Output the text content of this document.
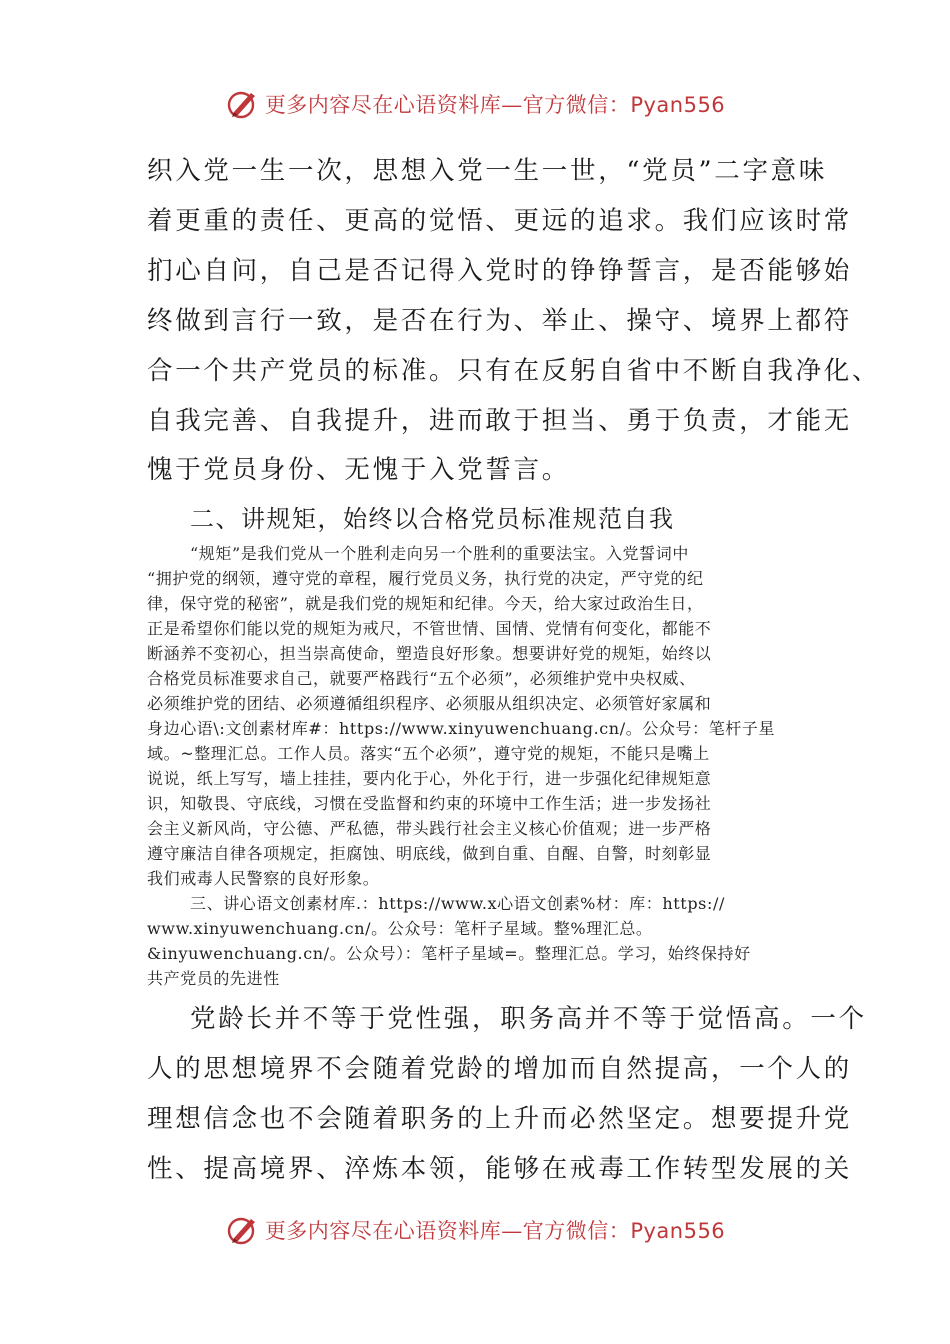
更多内容尽在心语资料库—官方微信：Pyan556

织入党一生一次，思想入党一生一世，“党员”二字意味

着更重的责任、更高的觉悟、更远的追求。我们应该时常

扪心自问，自己是否记得入党时的铮铮誓言，是否能够始

终做到言行一致，是否在行为、举止、操守、境界上都符

合一个共产党员的标准。只有在反躬自省中不断自我净化、

自我完善、自我提升，进而敢于担当、勇于负责，才能无

愧于党员身份、无愧于入党誓言。

二、讲规矩，始终以合格党员标准规范自我

“规矩”是我们党从一个胜利走向另一个胜利的重要法宝。入党誓词中

“拥护党的纲领，遵守党的章程，履行党员义务，执行党的决定，严守党的纪

律，保守党的秘密”，就是我们党的规矩和纪律。今天，给大家过政治生日，

正是希望你们能以党的规矩为戒尺，不管世情、国情、党情有何变化，都能不

断涵养不变初心，担当崇高使命，塑造良好形象。想要讲好党的规矩，始终以

合格党员标准要求自己，就要严格践行“五个必须”，必须维护党中央权威、

必须维护党的团结、必须遵循组织程序、必须服从组织决定、必须管好家属和

身边心语\:文创素材库#：https://www.xinyuwenchuang.cn/。公众号：笔杆子星

域。~整理汇总。工作人员。落实“五个必须”，遵守党的规矩，不能只是嘴上

说说，纸上写写，墙上挂挂，要内化于心，外化于行，进一步强化纪律规矩意

识，知敬畏、守底线，习惯在受监督和约束的环境中工作生活；进一步发扬社

会主义新风尚，守公德、严私德，带头践行社会主义核心价值观；进一步严格

遵守廉洁自律各项规定，拒腐蚀、明底线，做到自重、自醒、自警，时刻彰显

我们戒毒人民警察的良好形象。

三、讲心语文创素材库.：https://www.x心语文创素%材：库：https://

www.xinyuwenchuang.cn/。公众号：笔杆子星域。整%理汇总。

&inyuwenchuang.cn/。公众号）：笔杆子星域=。整理汇总。学习，始终保持好

共产党员的先进性

党龄长并不等于党性强，职务高并不等于觉悟高。一个

人的思想境界不会随着党龄的增加而自然提高，一个人的

理想信念也不会随着职务的上升而必然坚定。想要提升党

性、提高境界、淬炼本领，能够在戒毒工作转型发展的关

更多内容尽在心语资料库—官方微信：Pyan556
